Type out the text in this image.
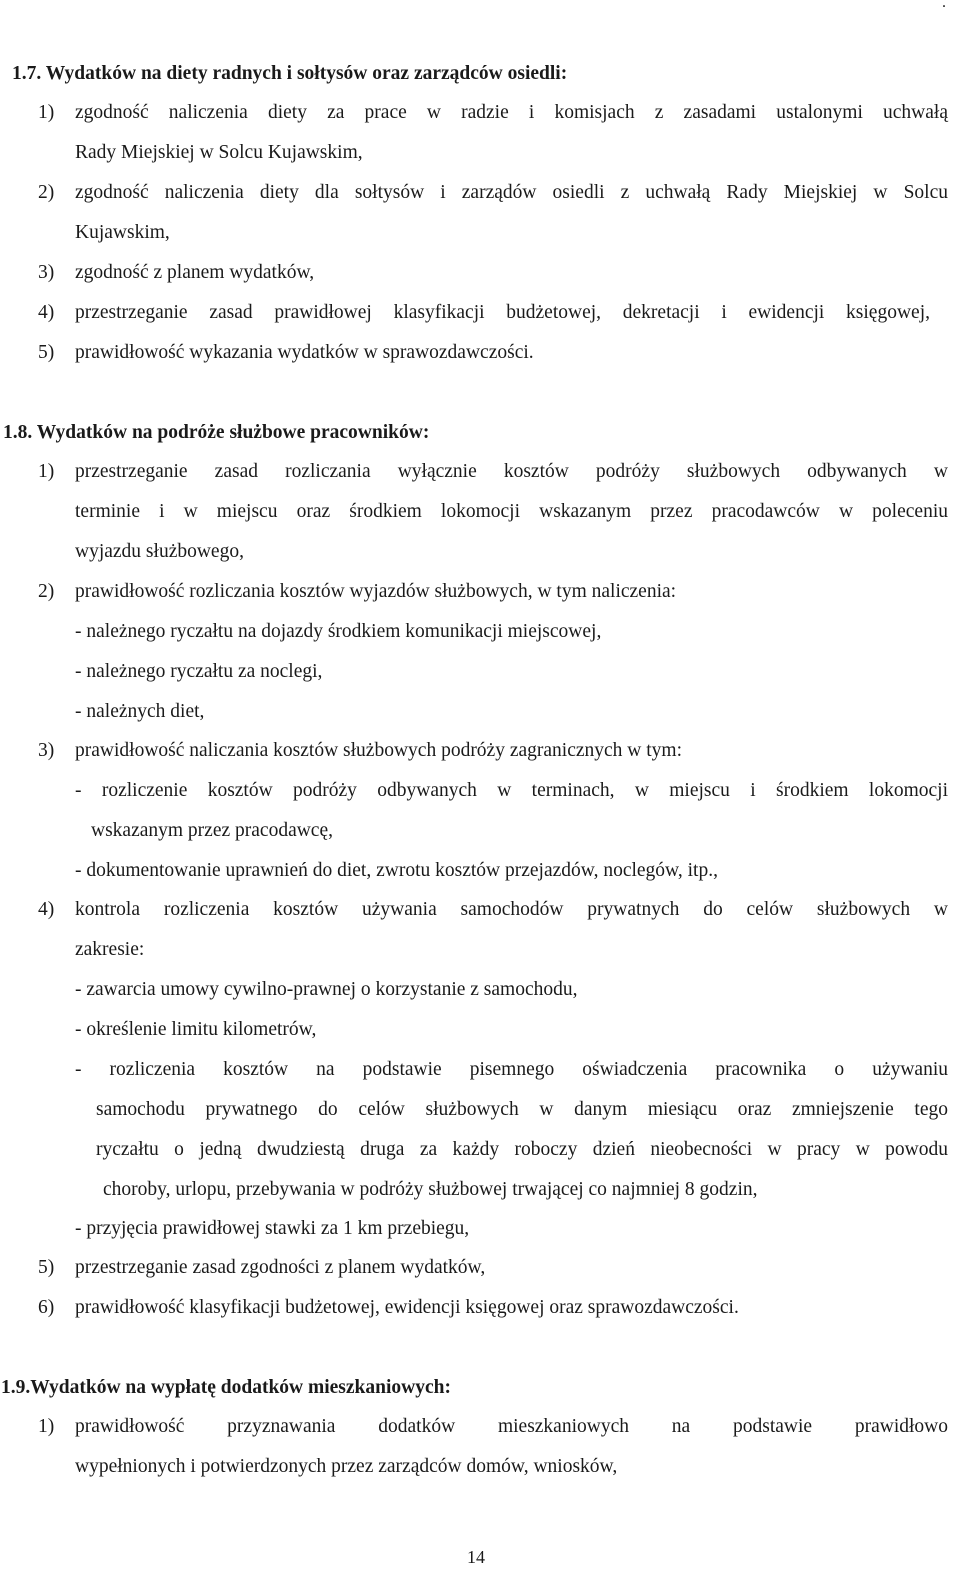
.
1.7. Wydatków na diety radnych i sołtysów oraz zarządców osiedli:
1) zgodność naliczenia diety za prace w radzie i komisjach z zasadami ustalonymi uchwałą
Rady Miejskiej w Solcu Kujawskim,
2) zgodność naliczenia diety dla sołtysów i zarządów osiedli z uchwałą Rady Miejskiej w Solcu
Kujawskim,
3) zgodność z planem wydatków,
4) przestrzeganie zasad prawidłowej klasyfikacji budżetowej, dekretacji i ewidencji księgowej,
5) prawidłowość wykazania wydatków w sprawozdawczości.
1.8. Wydatków na podróże służbowe pracowników:
1) przestrzeganie zasad rozliczania wyłącznie kosztów podróży służbowych odbywanych w
terminie i w miejscu oraz środkiem lokomocji wskazanym przez pracodawców w poleceniu
wyjazdu służbowego,
2) prawidłowość rozliczania kosztów wyjazdów służbowych, w tym naliczenia:
- należnego ryczałtu na dojazdy środkiem komunikacji miejscowej,
- należnego ryczałtu za noclegi,
- należnych diet,
3) prawidłowość naliczania kosztów służbowych podróży zagranicznych w tym:
- rozliczenie kosztów podróży odbywanych w terminach, w miejscu i środkiem lokomocji
wskazanym przez pracodawcę,
- dokumentowanie uprawnień do diet, zwrotu kosztów przejazdów, noclegów, itp.,
4) kontrola rozliczenia kosztów używania samochodów prywatnych do celów służbowych w
zakresie:
- zawarcia umowy cywilno-prawnej o korzystanie z samochodu,
- określenie limitu kilometrów,
- rozliczenia kosztów na podstawie pisemnego oświadczenia pracownika o używaniu
samochodu prywatnego do celów służbowych w danym miesiącu oraz zmniejszenie tego
ryczałtu o jedną dwudziestą druga za każdy roboczy dzień nieobecności w pracy w powodu
choroby, urlopu, przebywania w podróży służbowej trwającej co najmniej 8 godzin,
- przyjęcia prawidłowej stawki za 1 km przebiegu,
5) przestrzeganie zasad zgodności z planem wydatków,
6) prawidłowość klasyfikacji budżetowej, ewidencji księgowej oraz sprawozdawczości.
1.9.Wydatków na wypłatę dodatków mieszkaniowych:
1) prawidłowość przyznawania dodatków mieszkaniowych na podstawie prawidłowo
wypełnionych i potwierdzonych przez zarządców domów, wniosków,
14
